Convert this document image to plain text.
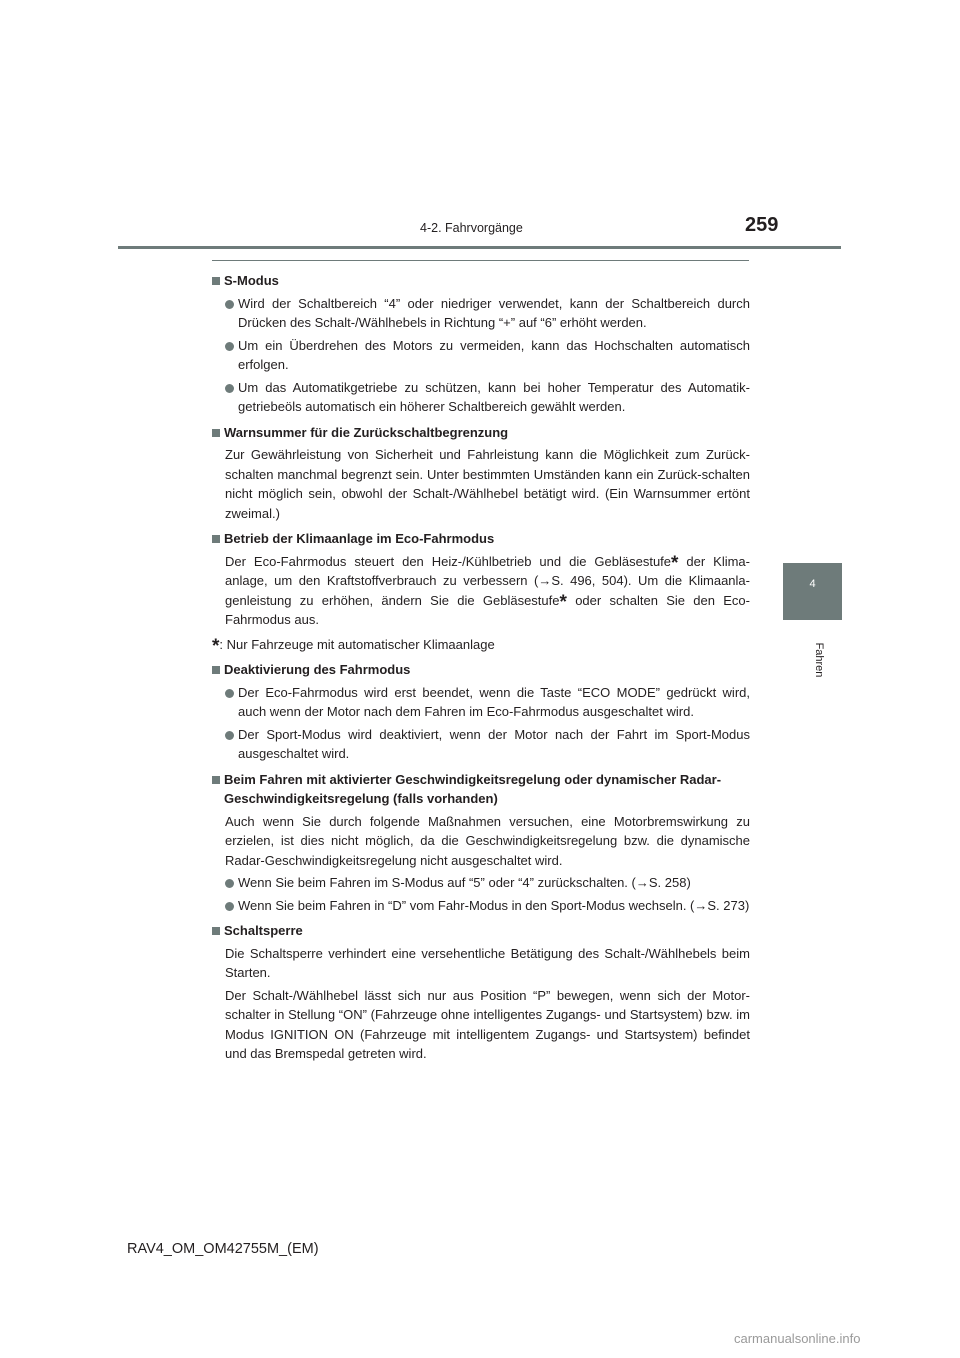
4-2. Fahrvorgänge	259
4
Fahren
S-Modus
Wird der Schaltbereich “4” oder niedriger verwendet, kann der Schaltbereich durch Drücken des Schalt-/Wählhebels in Richtung “+” auf “6” erhöht werden.
Um ein Überdrehen des Motors zu vermeiden, kann das Hochschalten automatisch erfolgen.
Um das Automatikgetriebe zu schützen, kann bei hoher Temperatur des Automatik-getriebeöls automatisch ein höherer Schaltbereich gewählt werden.
Warnsummer für die Zurückschaltbegrenzung
Zur Gewährleistung von Sicherheit und Fahrleistung kann die Möglichkeit zum Zurück-schalten manchmal begrenzt sein. Unter bestimmten Umständen kann ein Zurück-schalten nicht möglich sein, obwohl der Schalt-/Wählhebel betätigt wird. (Ein Warnsummer ertönt zweimal.)
Betrieb der Klimaanlage im Eco-Fahrmodus
Der Eco-Fahrmodus steuert den Heiz-/Kühlbetrieb und die Gebläsestufe* der Klima-anlage, um den Kraftstoffverbrauch zu verbessern (→S. 496, 504). Um die Klimaanla-genleistung zu erhöhen, ändern Sie die Gebläsestufe* oder schalten Sie den Eco-Fahrmodus aus.
*: Nur Fahrzeuge mit automatischer Klimaanlage
Deaktivierung des Fahrmodus
Der Eco-Fahrmodus wird erst beendet, wenn die Taste “ECO MODE” gedrückt wird, auch wenn der Motor nach dem Fahren im Eco-Fahrmodus ausgeschaltet wird.
Der Sport-Modus wird deaktiviert, wenn der Motor nach der Fahrt im Sport-Modus ausgeschaltet wird.
Beim Fahren mit aktivierter Geschwindigkeitsregelung oder dynamischer Radar-Geschwindigkeitsregelung (falls vorhanden)
Auch wenn Sie durch folgende Maßnahmen versuchen, eine Motorbremswirkung zu erzielen, ist dies nicht möglich, da die Geschwindigkeitsregelung bzw. die dynamische Radar-Geschwindigkeitsregelung nicht ausgeschaltet wird.
Wenn Sie beim Fahren im S-Modus auf “5” oder “4” zurückschalten. (→S. 258)
Wenn Sie beim Fahren in “D” vom Fahr-Modus in den Sport-Modus wechseln. (→S. 273)
Schaltsperre
Die Schaltsperre verhindert eine versehentliche Betätigung des Schalt-/Wählhebels beim Starten.
Der Schalt-/Wählhebel lässt sich nur aus Position “P” bewegen, wenn sich der Motor-schalter in Stellung “ON” (Fahrzeuge ohne intelligentes Zugangs- und Startsystem) bzw. im Modus IGNITION ON (Fahrzeuge mit intelligentem Zugangs- und Startsystem) befindet und das Bremspedal getreten wird.
RAV4_OM_OM42755M_(EM)
carmanualsonline.info
